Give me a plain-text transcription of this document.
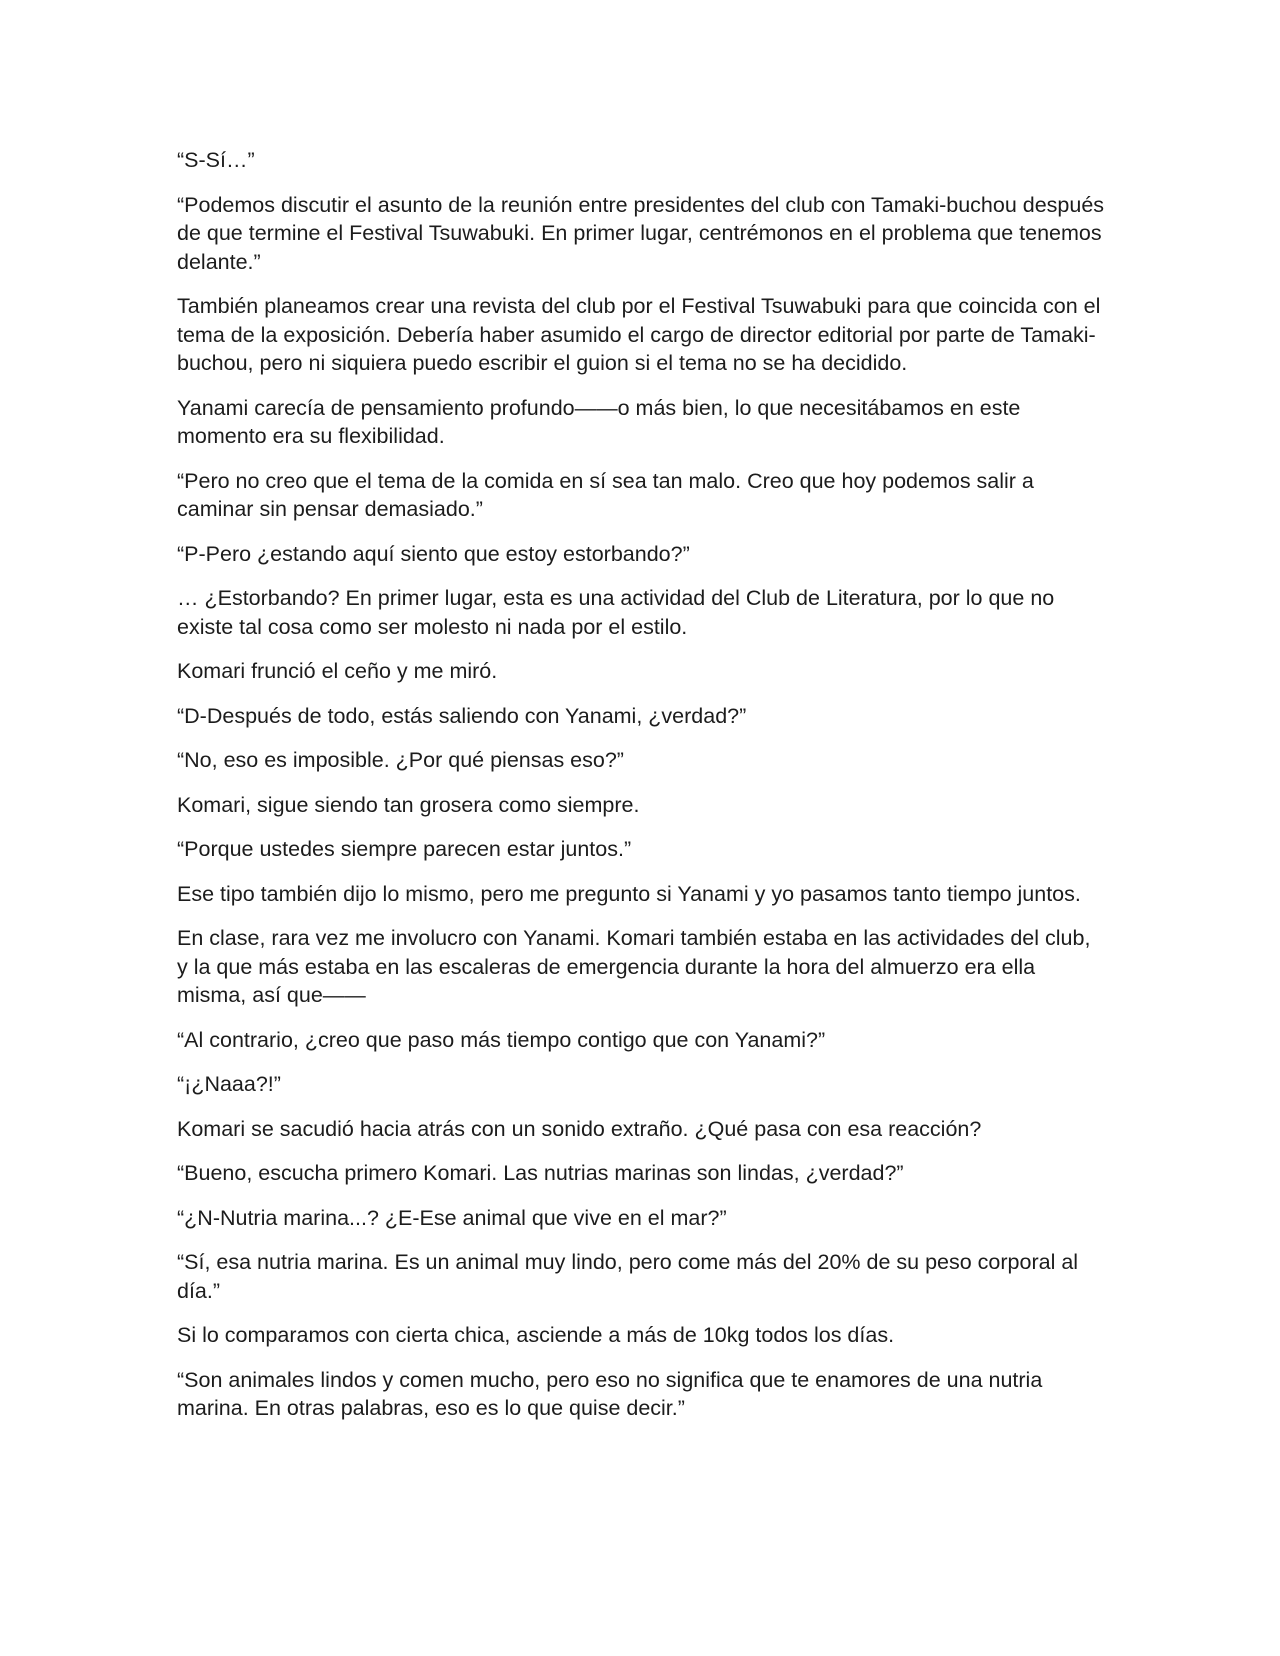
“S-Sí…”

“Podemos discutir el asunto de la reunión entre presidentes del club con Tamaki-buchou después de que termine el Festival Tsuwabuki. En primer lugar, centrémonos en el problema que tenemos delante.”

También planeamos crear una revista del club por el Festival Tsuwabuki para que coincida con el tema de la exposición. Debería haber asumido el cargo de director editorial por parte de Tamaki-buchou, pero ni siquiera puedo escribir el guion si el tema no se ha decidido.

Yanami carecía de pensamiento profundo——o más bien, lo que necesitábamos en este momento era su flexibilidad.

“Pero no creo que el tema de la comida en sí sea tan malo. Creo que hoy podemos salir a caminar sin pensar demasiado.”

“P-Pero ¿estando aquí siento que estoy estorbando?”

… ¿Estorbando? En primer lugar, esta es una actividad del Club de Literatura, por lo que no existe tal cosa como ser molesto ni nada por el estilo.

Komari frunció el ceño y me miró.

“D-Después de todo, estás saliendo con Yanami, ¿verdad?”

“No, eso es imposible. ¿Por qué piensas eso?”

Komari, sigue siendo tan grosera como siempre.

“Porque ustedes siempre parecen estar juntos.”

Ese tipo también dijo lo mismo, pero me pregunto si Yanami y yo pasamos tanto tiempo juntos.

En clase, rara vez me involucro con Yanami. Komari también estaba en las actividades del club, y la que más estaba en las escaleras de emergencia durante la hora del almuerzo era ella misma, así que——

“Al contrario, ¿creo que paso más tiempo contigo que con Yanami?”

“¡¿Naaa?!”

Komari se sacudió hacia atrás con un sonido extraño. ¿Qué pasa con esa reacción?

“Bueno, escucha primero Komari. Las nutrias marinas son lindas, ¿verdad?”

“¿N-Nutria marina...? ¿E-Ese animal que vive en el mar?”

“Sí, esa nutria marina. Es un animal muy lindo, pero come más del 20% de su peso corporal al día.”

Si lo comparamos con cierta chica, asciende a más de 10kg todos los días.

“Son animales lindos y comen mucho, pero eso no significa que te enamores de una nutria marina. En otras palabras, eso es lo que quise decir.”
